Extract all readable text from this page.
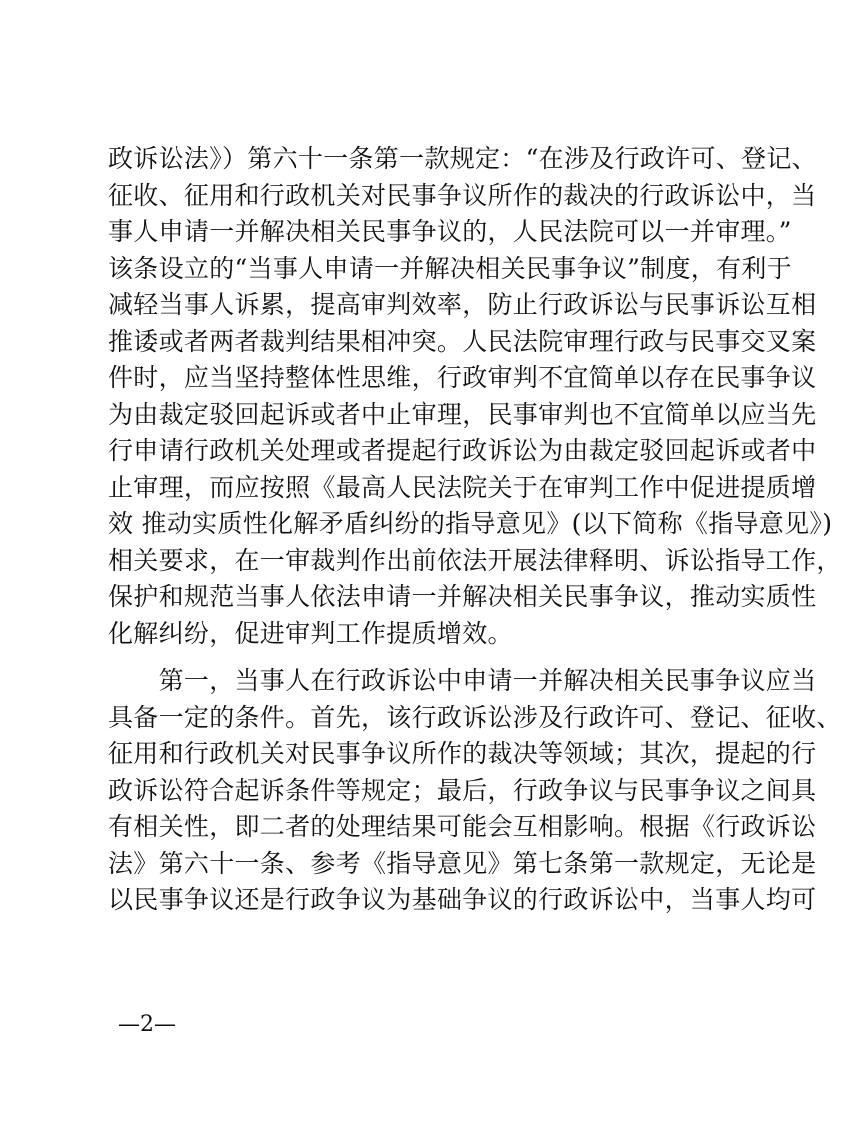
政诉讼法》）第六十一条第一款规定：“在涉及行政许可、登记、
征收、征用和行政机关对民事争议所作的裁决的行政诉讼中，当
事人申请一并解决相关民事争议的，人民法院可以一并审理。”
该条设立的“当事人申请一并解决相关民事争议”制度，有利于
减轻当事人诉累，提高审判效率，防止行政诉讼与民事诉讼互相
推诿或者两者裁判结果相冲突。人民法院审理行政与民事交叉案
件时，应当坚持整体性思维，行政审判不宜简单以存在民事争议
为由裁定驳回起诉或者中止审理，民事审判也不宜简单以应当先
行申请行政机关处理或者提起行政诉讼为由裁定驳回起诉或者中
止审理，而应按照《最高人民法院关于在审判工作中促进提质增
效 推动实质性化解矛盾纠纷的指导意见》(以下简称《指导意见》)
相关要求，在一审裁判作出前依法开展法律释明、诉讼指导工作，
保护和规范当事人依法申请一并解决相关民事争议，推动实质性
化解纠纷，促进审判工作提质增效。
　　第一，当事人在行政诉讼中申请一并解决相关民事争议应当
具备一定的条件。首先，该行政诉讼涉及行政许可、登记、征收、
征用和行政机关对民事争议所作的裁决等领域；其次，提起的行
政诉讼符合起诉条件等规定；最后，行政争议与民事争议之间具
有相关性，即二者的处理结果可能会互相影响。根据《行政诉讼
法》第六十一条、参考《指导意见》第七条第一款规定，无论是
以民事争议还是行政争议为基础争议的行政诉讼中，当事人均可
—2—
